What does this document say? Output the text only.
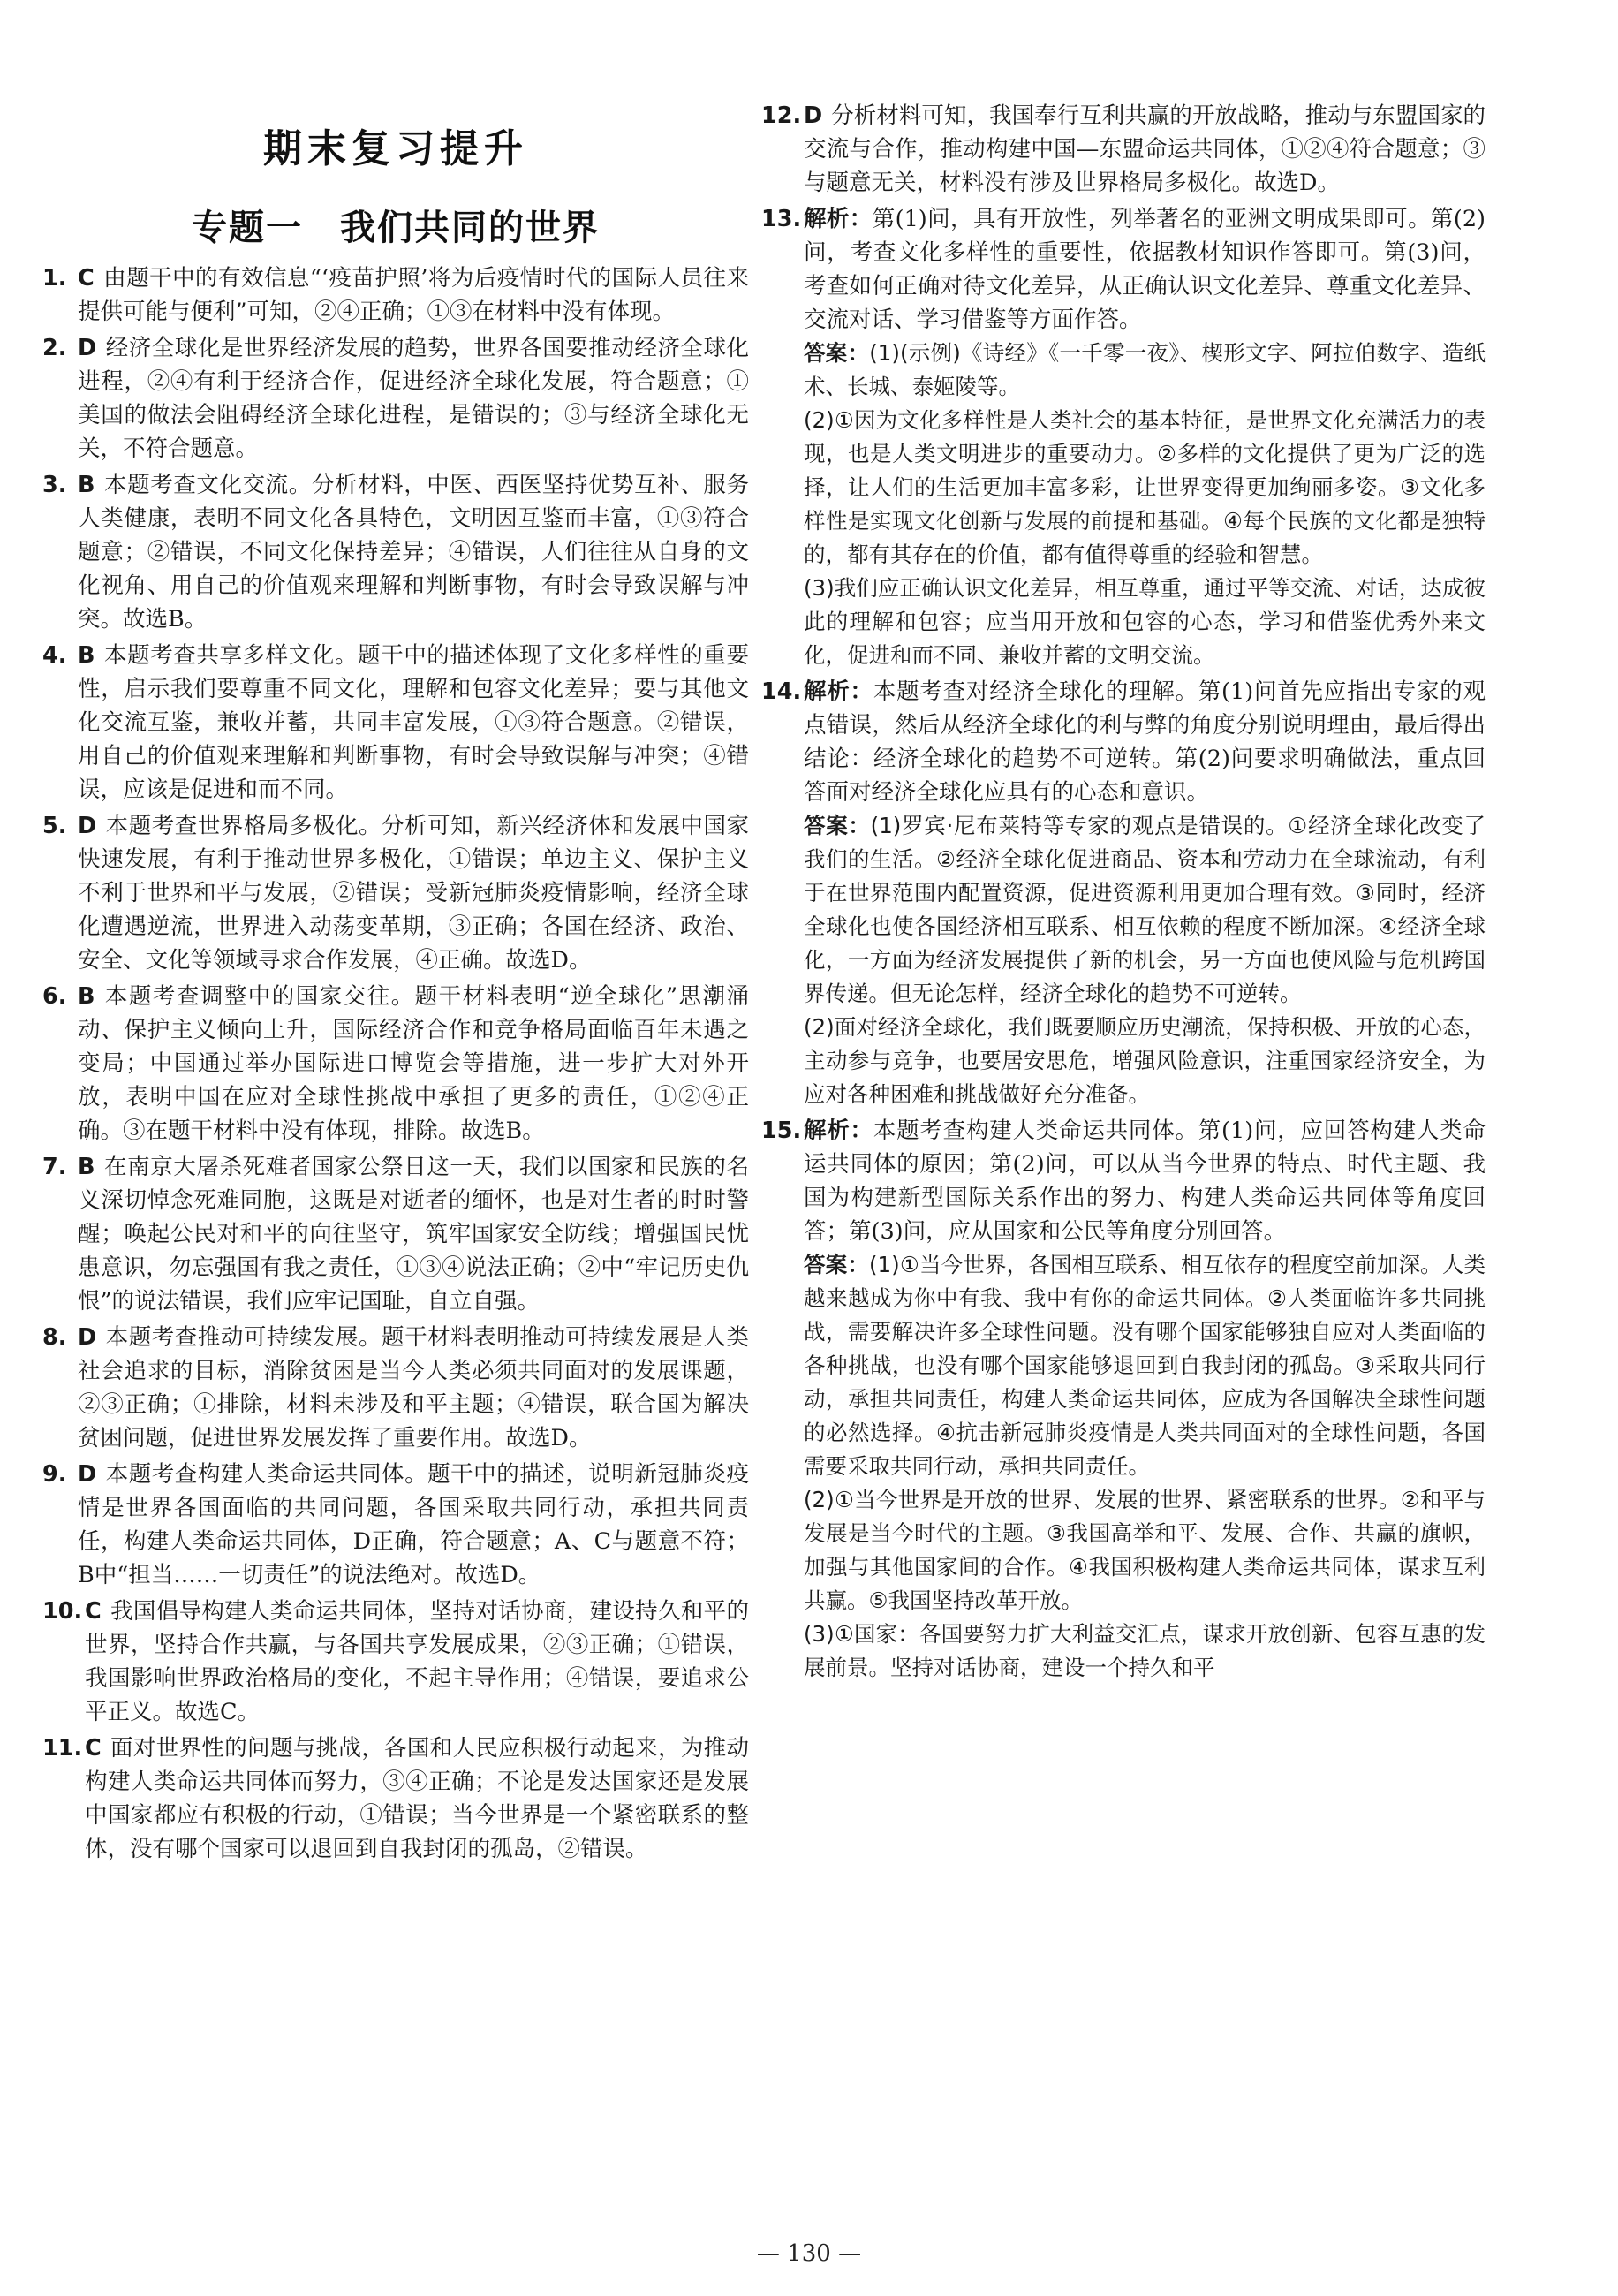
期末复习提升
专题一　我们共同的世界
1. C 由题干中的有效信息“‘疫苗护照’将为后疫情时代的国际人员往来提供可能与便利”可知，②④正确；①③在材料中没有体现。
2. D 经济全球化是世界经济发展的趋势，世界各国要推动经济全球化进程，②④有利于经济合作，促进经济全球化发展，符合题意；①美国的做法会阻碍经济全球化进程，是错误的；③与经济全球化无关，不符合题意。
3. B 本题考查文化交流。分析材料，中医、西医坚持优势互补、服务人类健康，表明不同文化各具特色，文明因互鉴而丰富，①③符合题意；②错误，不同文化保持差异；④错误，人们往往从自身的文化视角、用自己的价值观来理解和判断事物，有时会导致误解与冲突。故选B。
4. B 本题考查共享多样文化。题干中的描述体现了文化多样性的重要性，启示我们要尊重不同文化，理解和包容文化差异；要与其他文化交流互鉴，兼收并蓄，共同丰富发展，①③符合题意。②错误，用自己的价值观来理解和判断事物，有时会导致误解与冲突；④错误，应该是促进和而不同。
5. D 本题考查世界格局多极化。分析可知，新兴经济体和发展中国家快速发展，有利于推动世界多极化，①错误；单边主义、保护主义不利于世界和平与发展，②错误；受新冠肺炎疫情影响，经济全球化遭遇逆流，世界进入动荡变革期，③正确；各国在经济、政治、安全、文化等领域寻求合作发展，④正确。故选D。
6. B 本题考查调整中的国家交往。题干材料表明“逆全球化”思潮涌动、保护主义倾向上升，国际经济合作和竞争格局面临百年未遇之变局；中国通过举办国际进口博览会等措施，进一步扩大对外开放，表明中国在应对全球性挑战中承担了更多的责任，①②④正确。③在题干材料中没有体现，排除。故选B。
7. B 在南京大屠杀死难者国家公祭日这一天，我们以国家和民族的名义深切悼念死难同胞，这既是对逝者的缅怀，也是对生者的时时警醒；唤起公民对和平的向往坚守，筑牢国家安全防线；增强国民忧患意识，勿忘强国有我之责任，①③④说法正确；②中“牢记历史仇恨”的说法错误，我们应牢记国耻，自立自强。
8. D 本题考查推动可持续发展。题干材料表明推动可持续发展是人类社会追求的目标，消除贫困是当今人类必须共同面对的发展课题，②③正确；①排除，材料未涉及和平主题；④错误，联合国为解决贫困问题，促进世界发展发挥了重要作用。故选D。
9. D 本题考查构建人类命运共同体。题干中的描述，说明新冠肺炎疫情是世界各国面临的共同问题，各国采取共同行动，承担共同责任，构建人类命运共同体，D正确，符合题意；A、C与题意不符；B中“担当……一切责任”的说法绝对。故选D。
10. C 我国倡导构建人类命运共同体，坚持对话协商，建设持久和平的世界，坚持合作共赢，与各国共享发展成果，②③正确；①错误，我国影响世界政治格局的变化，不起主导作用；④错误，要追求公平正义。故选C。
11. C 面对世界性的问题与挑战，各国和人民应积极行动起来，为推动构建人类命运共同体而努力，③④正确；不论是发达国家还是发展中国家都应有积极的行动，①错误；当今世界是一个紧密联系的整体，没有哪个国家可以退回到自我封闭的孤岛，②错误。
12. D 分析材料可知，我国奉行互利共赢的开放战略，推动与东盟国家的交流与合作，推动构建中国—东盟命运共同体，①②④符合题意；③与题意无关，材料没有涉及世界格局多极化。故选D。
13. 解析：第(1)问，具有开放性，列举著名的亚洲文明成果即可。第(2)问，考查文化多样性的重要性，依据教材知识作答即可。第(3)问，考查如何正确对待文化差异，从正确认识文化差异、尊重文化差异、交流对话、学习借鉴等方面作答。

答案：(1)(示例)《诗经》《一千零一夜》、楔形文字、阿拉伯数字、造纸术、长城、泰姬陵等。

(2)①因为文化多样性是人类社会的基本特征，是世界文化充满活力的表现，也是人类文明进步的重要动力。②多样的文化提供了更为广泛的选择，让人们的生活更加丰富多彩，让世界变得更加绚丽多姿。③文化多样性是实现文化创新与发展的前提和基础。④每个民族的文化都是独特的，都有其存在的价值，都有值得尊重的经验和智慧。

(3)我们应正确认识文化差异，相互尊重，通过平等交流、对话，达成彼此的理解和包容；应当用开放和包容的心态，学习和借鉴优秀外来文化，促进和而不同、兼收并蓄的文明交流。

14. 解析：本题考查对经济全球化的理解。第(1)问首先应指出专家的观点错误，然后从经济全球化的利与弊的角度分别说明理由，最后得出结论：经济全球化的趋势不可逆转。第(2)问要求明确做法，重点回答面对经济全球化应具有的心态和意识。

答案：(1)罗宾·尼布莱特等专家的观点是错误的。①经济全球化改变了我们的生活。②经济全球化促进商品、资本和劳动力在全球流动，有利于在世界范围内配置资源，促进资源利用更加合理有效。③同时，经济全球化也使各国经济相互联系、相互依赖的程度不断加深。④经济全球化，一方面为经济发展提供了新的机会，另一方面也使风险与危机跨国界传递。但无论怎样，经济全球化的趋势不可逆转。

(2)面对经济全球化，我们既要顺应历史潮流，保持积极、开放的心态，主动参与竞争，也要居安思危，增强风险意识，注重国家经济安全，为应对各种困难和挑战做好充分准备。

15. 解析：本题考查构建人类命运共同体。第(1)问，应回答构建人类命运共同体的原因；第(2)问，可以从当今世界的特点、时代主题、我国为构建新型国际关系作出的努力、构建人类命运共同体等角度回答；第(3)问，应从国家和公民等角度分别回答。

答案：(1)①当今世界，各国相互联系、相互依存的程度空前加深。人类越来越成为你中有我、我中有你的命运共同体。②人类面临许多共同挑战，需要解决许多全球性问题。没有哪个国家能够独自应对人类面临的各种挑战，也没有哪个国家能够退回到自我封闭的孤岛。③采取共同行动，承担共同责任，构建人类命运共同体，应成为各国解决全球性问题的必然选择。④抗击新冠肺炎疫情是人类共同面对的全球性问题，各国需要采取共同行动，承担共同责任。

(2)①当今世界是开放的世界、发展的世界、紧密联系的世界。②和平与发展是当今时代的主题。③我国高举和平、发展、合作、共赢的旗帜，加强与其他国家间的合作。④我国积极构建人类命运共同体，谋求互利共赢。⑤我国坚持改革开放。

(3)①国家：各国要努力扩大利益交汇点，谋求开放创新、包容互惠的发展前景。坚持对话协商，建设一个持久和平

— 130 —
